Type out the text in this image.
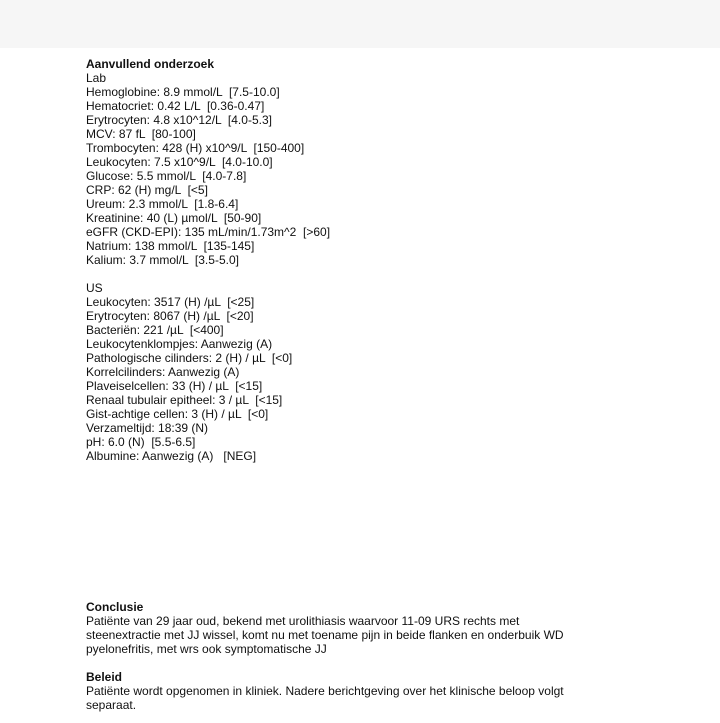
Aanvullend onderzoek
Lab
Hemoglobine: 8.9 mmol/L  [7.5-10.0]
Hematocriet: 0.42 L/L  [0.36-0.47]
Erytrocyten: 4.8 x10^12/L  [4.0-5.3]
MCV: 87 fL  [80-100]
Trombocyten: 428 (H) x10^9/L  [150-400]
Leukocyten: 7.5 x10^9/L  [4.0-10.0]
Glucose: 5.5 mmol/L  [4.0-7.8]
CRP: 62 (H) mg/L  [<5]
Ureum: 2.3 mmol/L  [1.8-6.4]
Kreatinine: 40 (L) µmol/L  [50-90]
eGFR (CKD-EPI): 135 mL/min/1.73m^2  [>60]
Natrium: 138 mmol/L  [135-145]
Kalium: 3.7 mmol/L  [3.5-5.0]
US
Leukocyten: 3517 (H) /µL  [<25]
Erytrocyten: 8067 (H) /µL  [<20]
Bacteriën: 221 /µL  [<400]
Leukocytenklompjes: Aanwezig (A)
Pathologische cilinders: 2 (H) / µL  [<0]
Korrelcilinders: Aanwezig (A)
Plaveiselcellen: 33 (H) / µL  [<15]
Renaal tubulair epitheel: 3 / µL  [<15]
Gist-achtige cellen: 3 (H) / µL  [<0]
Verzameltijd: 18:39 (N)
pH: 6.0 (N)  [5.5-6.5]
Albumine: Aanwezig (A)   [NEG]
Conclusie
Patiënte van 29 jaar oud, bekend met urolithiasis waarvoor 11-09 URS rechts met steenextractie met JJ wissel, komt nu met toename pijn in beide flanken en onderbuik WD pyelonefritis, met wrs ook symptomatische JJ
Beleid
Patiënte wordt opgenomen in kliniek. Nadere berichtgeving over het klinische beloop volgt separaat.
